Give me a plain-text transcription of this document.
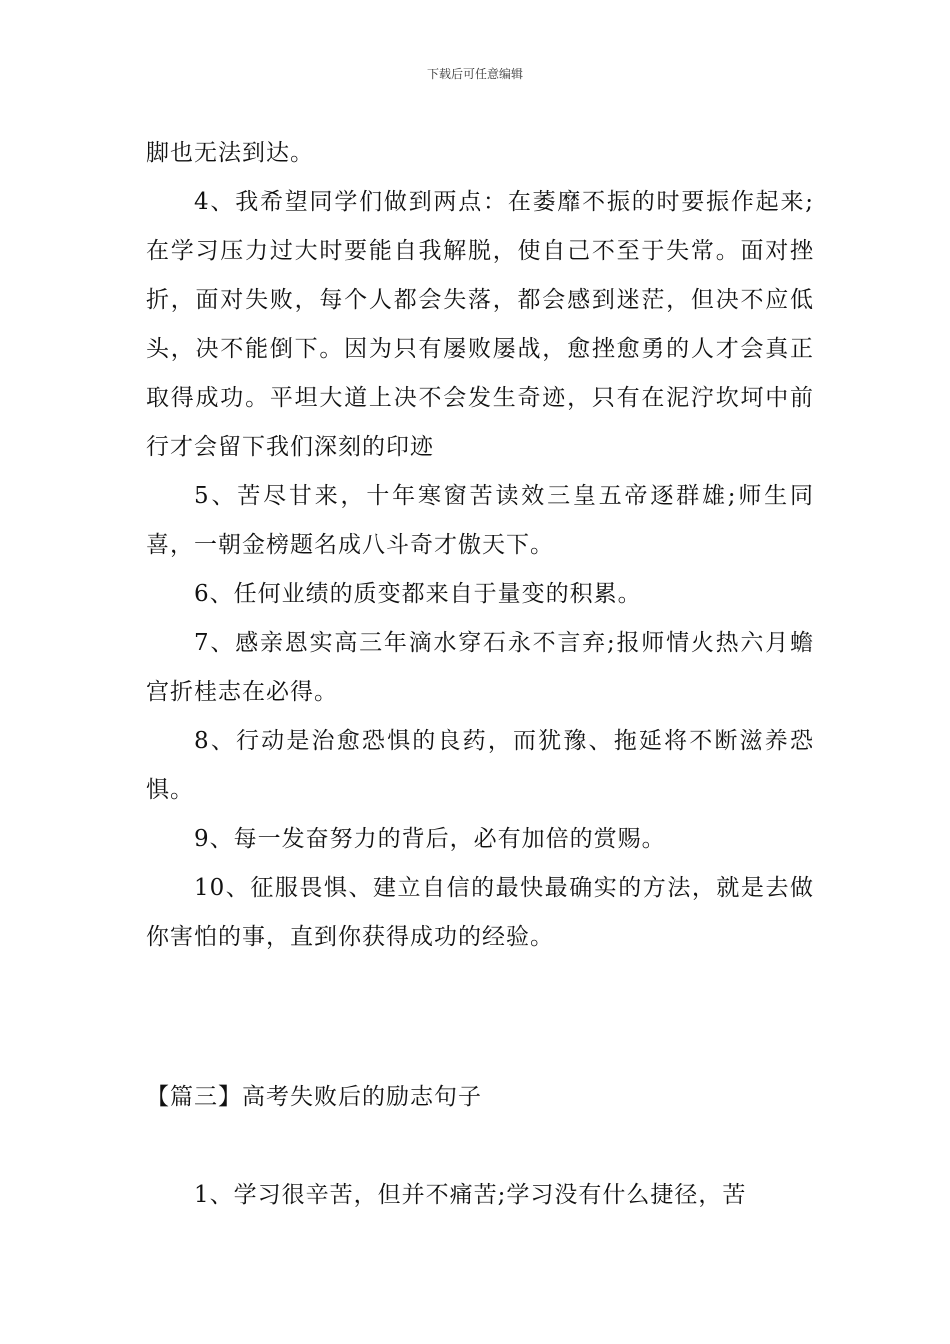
下载后可任意编辑

脚也无法到达。

4、我希望同学们做到两点：在萎靡不振的时要振作起来;在学习压力过大时要能自我解脱，使自己不至于失常。面对挫折，面对失败，每个人都会失落，都会感到迷茫，但决不应低头，决不能倒下。因为只有屡败屡战，愈挫愈勇的人才会真正取得成功。平坦大道上决不会发生奇迹，只有在泥泞坎坷中前行才会留下我们深刻的印迹

5、苦尽甘来，十年寒窗苦读效三皇五帝逐群雄;师生同喜，一朝金榜题名成八斗奇才傲天下。

6、任何业绩的质变都来自于量变的积累。

7、感亲恩实高三年滴水穿石永不言弃;报师情火热六月蟾宫折桂志在必得。

8、行动是治愈恐惧的良药，而犹豫、拖延将不断滋养恐惧。

9、每一发奋努力的背后，必有加倍的赏赐。

10、征服畏惧、建立自信的最快最确实的方法，就是去做你害怕的事，直到你获得成功的经验。

【篇三】高考失败后的励志句子
1、学习很辛苦，但并不痛苦;学习没有什么捷径，苦
